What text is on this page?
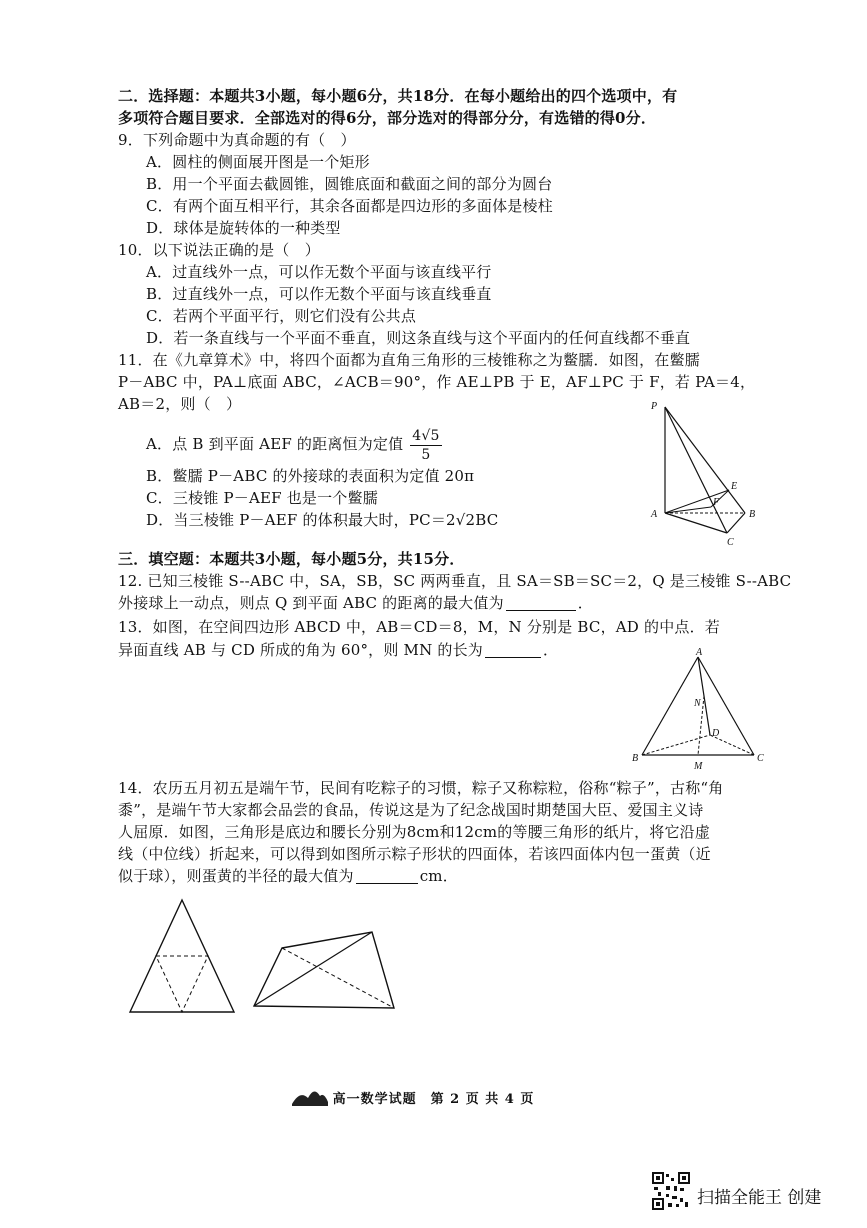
二．选择题：本题共3小题，每小题6分，共18分．在每小题给出的四个选项中，有
多项符合题目要求．全部选对的得6分，部分选对的得部分分，有选错的得0分．
9．下列命题中为真命题的有（　）
A．圆柱的侧面展开图是一个矩形
B．用一个平面去截圆锥，圆锥底面和截面之间的部分为圆台
C．有两个面互相平行，其余各面都是四边形的多面体是棱柱
D．球体是旋转体的一种类型
10．以下说法正确的是（　）
A．过直线外一点，可以作无数个平面与该直线平行
B．过直线外一点，可以作无数个平面与该直线垂直
C．若两个平面平行，则它们没有公共点
D．若一条直线与一个平面不垂直，则这条直线与这个平面内的任何直线都不垂直
11．在《九章算术》中，将四个面都为直角三角形的三棱锥称之为鳖臑．如图，在鳖臑
P－ABC 中，PA⊥底面 ABC，∠ACB＝90°，作 AE⊥PB 于 E，AF⊥PC 于 F，若 PA＝4，
AB＝2，则（　）
A．点 B 到平面 AEF 的距离恒为定值 $\frac{4√5}{5}$
B．鳖臑 P－ABC 的外接球的表面积为定值 20π
C．三棱锥 P－AEF 也是一个鳖臑
D．当三棱锥 P－AEF 的体积最大时，PC＝2√2BC
P
A	B
C
E
F
三．填空题：本题共3小题，每小题5分，共15分．
12. 已知三棱锥 S--ABC 中，SA，SB，SC 两两垂直，且 SA＝SB＝SC＝2，Q 是三棱锥 S--ABC
外接球上一动点，则点 Q 到平面 ABC 的距离的最大值为	．
13．如图，在空间四边形 ABCD 中，AB＝CD＝8，M，N 分别是 BC，AD 的中点．若
异面直线 AB 与 CD 所成的角为 60°，则 MN 的长为	．	A
B	C
D
M
N
14．农历五月初五是端午节，民间有吃粽子的习惯，粽子又称粽粒，俗称“粽子”，古称“角
黍”，是端午节大家都会品尝的食品，传说这是为了纪念战国时期楚国大臣、爱国主义诗
人屈原．如图，三角形是底边和腰长分别为8cm和12cm的等腰三角形的纸片，将它沿虚
线（中位线）折起来，可以得到如图所示粽子形状的四面体，若该四面体内包一蛋黄（近
似于球），则蛋黄的半径的最大值为	cm．
高一数学试题　第 2 页 共 4 页
扫描全能王 创建
